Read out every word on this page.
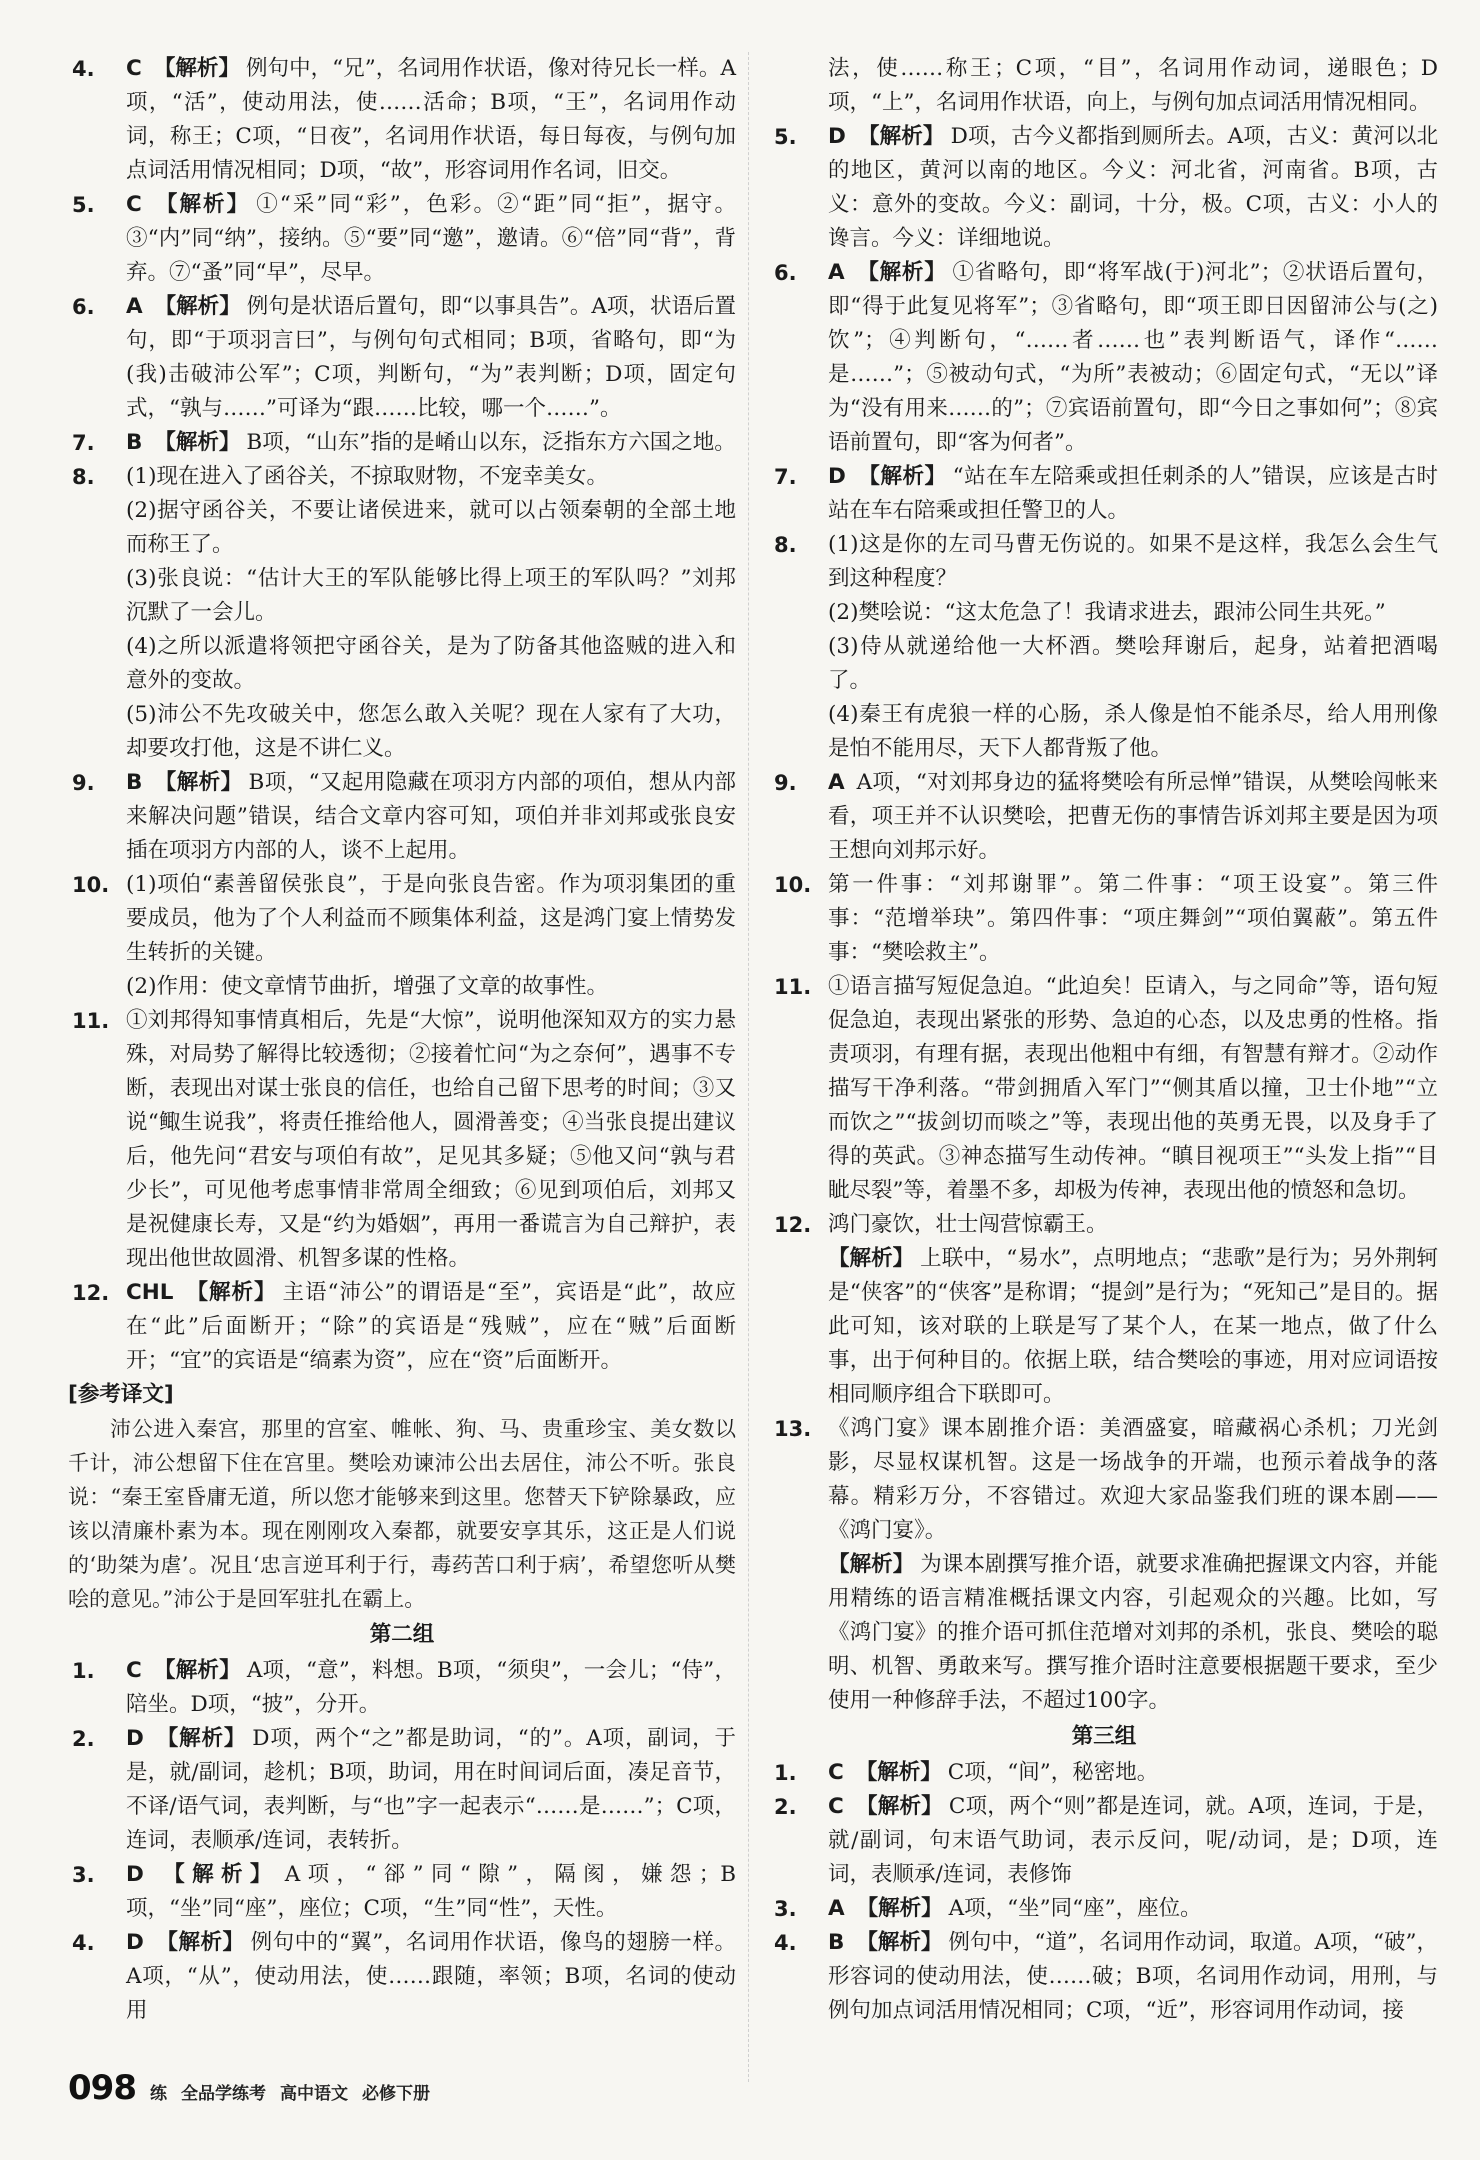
4. C 【解析】 例句中，“兄”，名词用作状语，像对待兄长一样。A项，“活”，使动用法，使……活命；B项，“王”，名词用作动词，称王；C项，“日夜”，名词用作状语，每日每夜，与例句加点词活用情况相同；D项，“故”，形容词用作名词，旧交。
5. C 【解析】 ①“采”同“彩”，色彩。②“距”同“拒”，据守。③“内”同“纳”，接纳。⑤“要”同“邀”，邀请。⑥“倍”同“背”，背弃。⑦“蚤”同“早”，尽早。
6. A 【解析】 例句是状语后置句，即“以事具告”。A项，状语后置句，即“于项羽言曰”，与例句句式相同；B项，省略句，即“为(我)击破沛公军”；C项，判断句，“为”表判断；D项，固定句式，“孰与……”可译为“跟……比较，哪一个……”。
7. B 【解析】 B项，“山东”指的是崤山以东，泛指东方六国之地。
8. (1)现在进入了函谷关，不掠取财物，不宠幸美女。
(2)据守函谷关，不要让诸侯进来，就可以占领秦朝的全部土地而称王了。
(3)张良说：“估计大王的军队能够比得上项王的军队吗？”刘邦沉默了一会儿。
(4)之所以派遣将领把守函谷关，是为了防备其他盗贼的进入和意外的变故。
(5)沛公不先攻破关中，您怎么敢入关呢？现在人家有了大功，却要攻打他，这是不讲仁义。
9. B 【解析】 B项，“又起用隐藏在项羽方内部的项伯，想从内部来解决问题”错误，结合文章内容可知，项伯并非刘邦或张良安插在项羽方内部的人，谈不上起用。
10. (1)项伯“素善留侯张良”，于是向张良告密。作为项羽集团的重要成员，他为了个人利益而不顾集体利益，这是鸿门宴上情势发生转折的关键。
(2)作用：使文章情节曲折，增强了文章的故事性。
11. ①刘邦得知事情真相后，先是“大惊”，说明他深知双方的实力悬殊，对局势了解得比较透彻；②接着忙问“为之奈何”，遇事不专断，表现出对谋士张良的信任，也给自己留下思考的时间；③又说“鲰生说我”，将责任推给他人，圆滑善变；④当张良提出建议后，他先问“君安与项伯有故”，足见其多疑；⑤他又问“孰与君少长”，可见他考虑事情非常周全细致；⑥见到项伯后，刘邦又是祝健康长寿，又是“约为婚姻”，再用一番谎言为自己辩护，表现出他世故圆滑、机智多谋的性格。
12. CHL 【解析】 主语“沛公”的谓语是“至”，宾语是“此”，故应在“此”后面断开；“除”的宾语是“残贼”，应在“贼”后面断开；“宜”的宾语是“缟素为资”，应在“资”后面断开。
[参考译文]
沛公进入秦宫，那里的宫室、帷帐、狗、马、贵重珍宝、美女数以千计，沛公想留下住在宫里。樊哙劝谏沛公出去居住，沛公不听。张良说：“秦王室昏庸无道，所以您才能够来到这里。您替天下铲除暴政，应该以清廉朴素为本。现在刚刚攻入秦都，就要安享其乐，这正是人们说的‘助桀为虐’。况且‘忠言逆耳利于行，毒药苦口利于病’，希望您听从樊哙的意见。”沛公于是回军驻扎在霸上。
第二组
1. C 【解析】 A项，“意”，料想。B项，“须臾”，一会儿；“侍”，陪坐。D项，“披”，分开。
2. D 【解析】 D项，两个“之”都是助词，“的”。A项，副词，于是，就/副词，趁机；B项，助词，用在时间词后面，凑足音节，不译/语气词，表判断，与“也”字一起表示“……是……”；C项，连词，表顺承/连词，表转折。
3. D 【解析】 A项，“郤”同“隙”，隔阂，嫌怨；B项，“坐”同“座”，座位；C项，“生”同“性”，天性。
4. D 【解析】 例句中的“翼”，名词用作状语，像鸟的翅膀一样。A项，“从”，使动用法，使……跟随，率领；B项，名词的使动用
法，使……称王；C项，“目”，名词用作动词，递眼色；D项，“上”，名词用作状语，向上，与例句加点词活用情况相同。
5. D 【解析】 D项，古今义都指到厕所去。A项，古义：黄河以北的地区，黄河以南的地区。今义：河北省，河南省。B项，古义：意外的变故。今义：副词，十分，极。C项，古义：小人的谗言。今义：详细地说。
6. A 【解析】 ①省略句，即“将军战(于)河北”；②状语后置句，即“得于此复见将军”；③省略句，即“项王即日因留沛公与(之)饮”；④判断句，“……者……也”表判断语气，译作“……是……”；⑤被动句式，“为所”表被动；⑥固定句式，“无以”译为“没有用来……的”；⑦宾语前置句，即“今日之事如何”；⑧宾语前置句，即“客为何者”。
7. D 【解析】 “站在车左陪乘或担任刺杀的人”错误，应该是古时站在车右陪乘或担任警卫的人。
8. (1)这是你的左司马曹无伤说的。如果不是这样，我怎么会生气到这种程度？
(2)樊哙说：“这太危急了！我请求进去，跟沛公同生共死。”
(3)侍从就递给他一大杯酒。樊哙拜谢后，起身，站着把酒喝了。
(4)秦王有虎狼一样的心肠，杀人像是怕不能杀尽，给人用刑像是怕不能用尽，天下人都背叛了他。
9. A A项，“对刘邦身边的猛将樊哙有所忌惮”错误，从樊哙闯帐来看，项王并不认识樊哙，把曹无伤的事情告诉刘邦主要是因为项王想向刘邦示好。
10. 第一件事：“刘邦谢罪”。第二件事：“项王设宴”。第三件事：“范增举玦”。第四件事：“项庄舞剑”“项伯翼蔽”。第五件事：“樊哙救主”。
11. ①语言描写短促急迫。“此迫矣！臣请入，与之同命”等，语句短促急迫，表现出紧张的形势、急迫的心态，以及忠勇的性格。指责项羽，有理有据，表现出他粗中有细，有智慧有辩才。②动作描写干净利落。“带剑拥盾入军门”“侧其盾以撞，卫士仆地”“立而饮之”“拔剑切而啖之”等，表现出他的英勇无畏，以及身手了得的英武。③神态描写生动传神。“瞋目视项王”“头发上指”“目眦尽裂”等，着墨不多，却极为传神，表现出他的愤怒和急切。
12. 鸿门豪饮，壮士闯营惊霸王。
【解析】 上联中，“易水”，点明地点；“悲歌”是行为；另外荆轲是“侠客”的“侠客”是称谓；“提剑”是行为；“死知己”是目的。据此可知，该对联的上联是写了某个人，在某一地点，做了什么事，出于何种目的。依据上联，结合樊哙的事迹，用对应词语按相同顺序组合下联即可。
13. 《鸿门宴》课本剧推介语：美酒盛宴，暗藏祸心杀机；刀光剑影，尽显权谋机智。这是一场战争的开端，也预示着战争的落幕。精彩万分，不容错过。欢迎大家品鉴我们班的课本剧——《鸿门宴》。
【解析】 为课本剧撰写推介语，就要求准确把握课文内容，并能用精练的语言精准概括课文内容，引起观众的兴趣。比如，写《鸿门宴》的推介语可抓住范增对刘邦的杀机，张良、樊哙的聪明、机智、勇敢来写。撰写推介语时注意要根据题干要求，至少使用一种修辞手法，不超过100字。
第三组
1. C 【解析】 C项，“间”，秘密地。
2. C 【解析】 C项，两个“则”都是连词，就。A项，连词，于是，就/副词，句末语气助词，表示反问，呢/动词，是；D项，连词，表顺承/连词，表修饰
3. A 【解析】 A项，“坐”同“座”，座位。
4. B 【解析】 例句中，“道”，名词用作动词，取道。A项，“破”，形容词的使动用法，使……破；B项，名词用作动词，用刑，与例句加点词活用情况相同；C项，“近”，形容词用作动词，接
098 练 全品学练考 高中语文 必修下册
